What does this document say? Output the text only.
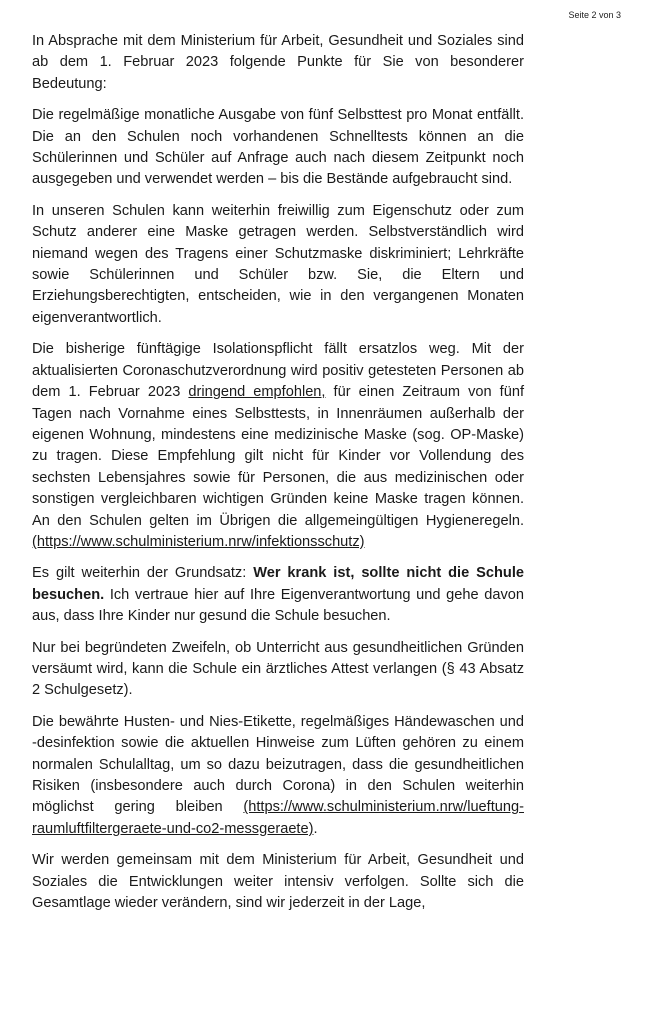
Seite 2 von 3

In Absprache mit dem Ministerium für Arbeit, Gesundheit und Soziales sind ab dem 1. Februar 2023 folgende Punkte für Sie von besonderer Bedeutung:

Die regelmäßige monatliche Ausgabe von fünf Selbsttest pro Monat entfällt. Die an den Schulen noch vorhandenen Schnelltests können an die Schülerinnen und Schüler auf Anfrage auch nach diesem Zeitpunkt noch ausgegeben und verwendet werden – bis die Bestände aufgebraucht sind.

In unseren Schulen kann weiterhin freiwillig zum Eigenschutz oder zum Schutz anderer eine Maske getragen werden. Selbstverständlich wird niemand wegen des Tragens einer Schutzmaske diskriminiert; Lehrkräfte sowie Schülerinnen und Schüler bzw. Sie, die Eltern und Erziehungsberechtigten, entscheiden, wie in den vergangenen Monaten eigenverantwortlich.

Die bisherige fünftägige Isolationspflicht fällt ersatzlos weg. Mit der aktualisierten Coronaschutzverordnung wird positiv getesteten Personen ab dem 1. Februar 2023 dringend empfohlen, für einen Zeitraum von fünf Tagen nach Vornahme eines Selbsttests, in Innenräumen außerhalb der eigenen Wohnung, mindestens eine medizinische Maske (sog. OP-Maske) zu tragen. Diese Empfehlung gilt nicht für Kinder vor Vollendung des sechsten Lebensjahres sowie für Personen, die aus medizinischen oder sonstigen vergleichbaren wichtigen Gründen keine Maske tragen können. An den Schulen gelten im Übrigen die allgemeingültigen Hygieneregeln. (https://www.schulministerium.nrw/infektionsschutz)

Es gilt weiterhin der Grundsatz: Wer krank ist, sollte nicht die Schule besuchen. Ich vertraue hier auf Ihre Eigenverantwortung und gehe davon aus, dass Ihre Kinder nur gesund die Schule besuchen.

Nur bei begründeten Zweifeln, ob Unterricht aus gesundheitlichen Gründen versäumt wird, kann die Schule ein ärztliches Attest verlangen (§ 43 Absatz 2 Schulgesetz).

Die bewährte Husten- und Nies-Etikette, regelmäßiges Händewaschen und -desinfektion sowie die aktuellen Hinweise zum Lüften gehören zu einem normalen Schulalltag, um so dazu beizutragen, dass die gesundheitlichen Risiken (insbesondere auch durch Corona) in den Schulen weiterhin möglichst gering bleiben (https://www.schulministerium.nrw/lueftung-raumluftfiltergeraete-und-co2-messgeraete).

Wir werden gemeinsam mit dem Ministerium für Arbeit, Gesundheit und Soziales die Entwicklungen weiter intensiv verfolgen. Sollte sich die Gesamtlage wieder verändern, sind wir jederzeit in der Lage,
